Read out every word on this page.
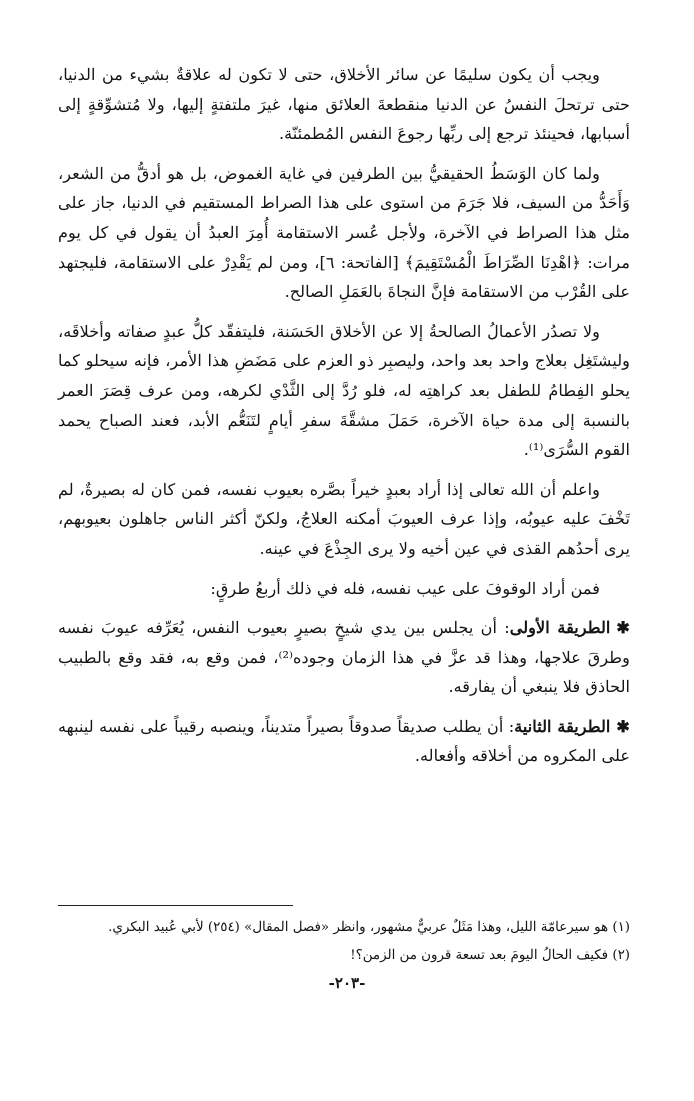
ويجب أن يكون سليمًا عن سائر الأخلاق، حتى لا تكون له علاقةٌ بشيء من الدنيا، حتى ترتحلَ النفسُ عن الدنيا منقطعةَ العلائق منها، غيرَ ملتفتةٍ إليها، ولا مُتشوِّقةٍ إلى أسبابها، فحينئذ ترجع إلى ربِّها رجوعَ النفس المُطمئنّة.

ولما كان الوَسَطُ الحقيقيُّ بين الطرفين في غاية الغموض، بل هو أدقُّ من الشعر، وَأَحَدُّ من السيف، فلا جَرَمَ من استوى على هذا الصراط المستقيم في الدنيا، جاز على مثل هذا الصراط في الآخرة، ولأجل عُسر الاستقامة أُمِرَ العبدُ أن يقول في كل يوم مرات: ﴿اهْدِنَا الصِّرَاطَ الْمُسْتَقِيمَ﴾ [الفاتحة: ٦]، ومن لم يَقْدِرْ على الاستقامة، فليجتهد على القُرْب من الاستقامة فإنَّ النجاةَ بالعَمَلِ الصالح.

ولا تصدُر الأعمالُ الصالحةُ إلا عن الأخلاق الحَسَنة، فليتفقّد كلُّ عبدٍ صفاته وأخلاقَه، وليشتَغِل بعلاج واحد بعد واحد، وليصبِر ذو العزم على مَضَضِ هذا الأمر، فإنه سيحلو كما يحلو الفِطامُ للطفل بعد كراهتِه له، فلو رُدَّ إلى الثَّدْي لكرهه، ومن عرف قِصَرَ العمر بالنسبة إلى مدة حياة الآخرة، حَمَلَ مشقَّةَ سفرِ أيامٍ لتَنَعُّم الأبد، فعند الصباح يحمد القوم السُّرَى⁽¹⁾.

واعلم أن الله تعالى إذا أراد بعبدٍ خيراً بصَّره بعيوب نفسه، فمن كان له بصيرةٌ، لم تَخْفَ عليه عيوبُه، وإذا عرف العيوبَ أمكنه العلاجُ، ولكنّ أكثر الناس جاهلون بعيوبهم، يرى أحدُهم القذى في عين أخيه ولا يرى الجِذْعَ في عينه.

فمن أراد الوقوفَ على عيب نفسه، فله في ذلك أربعُ طرقٍ:

✱الطريقة الأولى: أن يجلس بين يدي شيخٍ بصيرٍ بعيوب النفس، يُعَرِّفه عيوبَ نفسه وطرقَ علاجها، وهذا قد عزَّ في هذا الزمان وجوده⁽²⁾، فمن وقع به، فقد وقع بالطبيب الحاذق فلا ينبغي أن يفارقه.

✱الطريقة الثانية: أن يطلب صديقاً صدوقاً بصيراً متديناً، وينصبه رقيباً على نفسه لينبهه على المكروه من أخلاقه وأفعاله.

(١) هو سيرعامّة الليل، وهذا مَثَلٌ عربيٌّ مشهور، وانظر «فصل المقال» (٢٥٤) لأبي عُبيد البكري.

(٢) فكيف الحالُ اليومَ بعد تسعة قرون من الزمن؟!

-٢٠٣-
